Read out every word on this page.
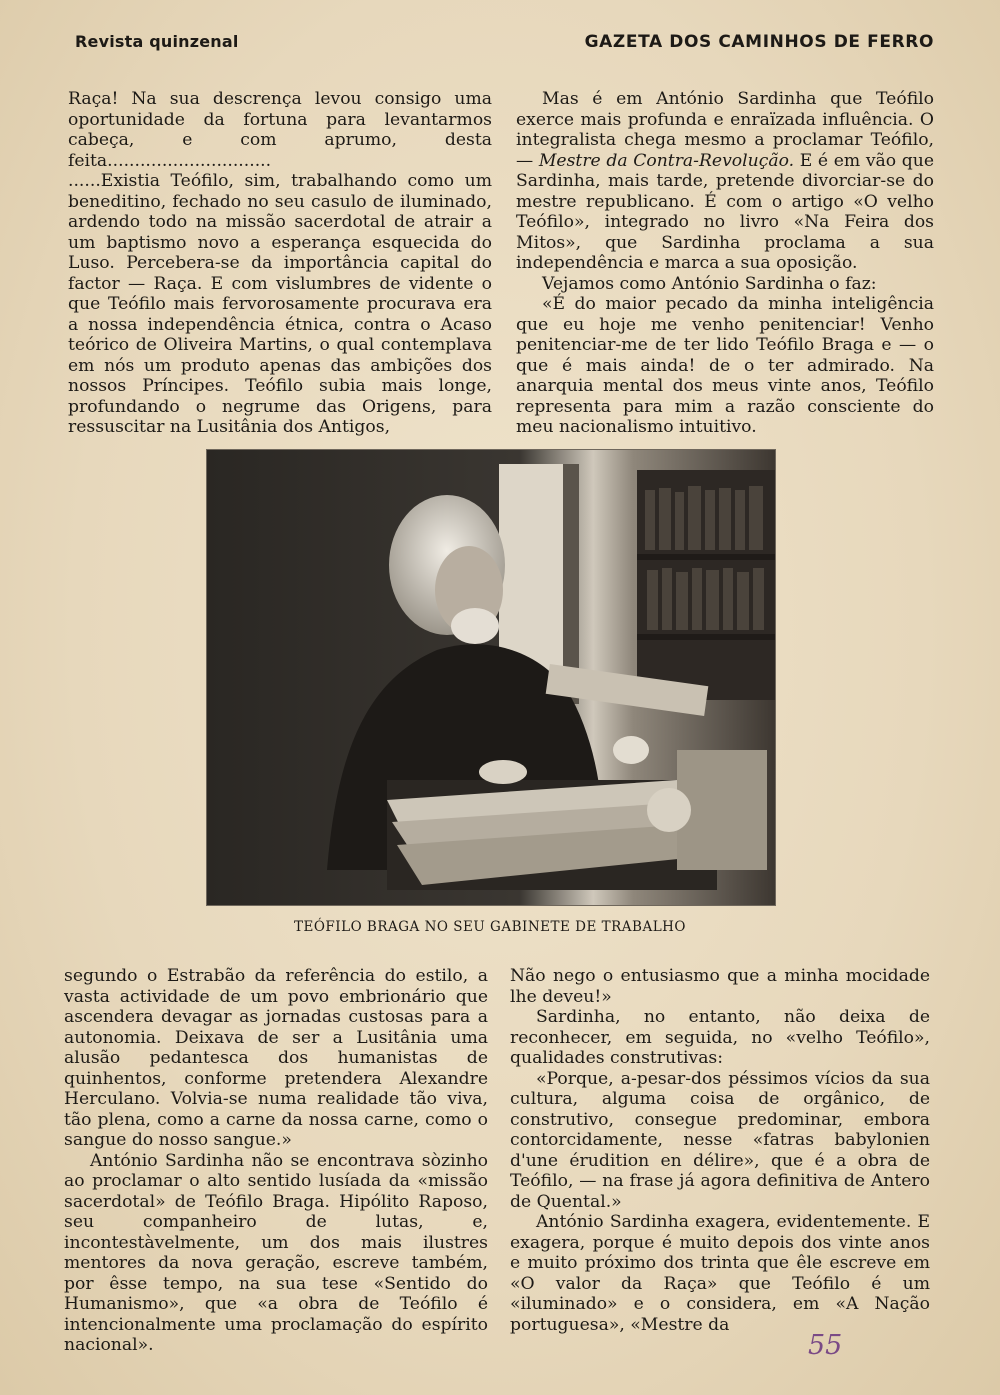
Revista quinzenal	GAZETA DOS CAMINHOS DE FERRO

Raça! Na sua descrença levou consigo uma oportunidade da fortuna para levantarmos cabeça, e com aprumo, desta feita..............................

......Existia Teófilo, sim, trabalhando como um beneditino, fechado no seu casulo de iluminado, ardendo todo na missão sacerdotal de atrair a um baptismo novo a esperança esquecida do Luso. Percebera-se da importância capital do factor — Raça. E com vislumbres de vidente o que Teófilo mais fervorosamente procurava era a nossa independência étnica, contra o Acaso teórico de Oliveira Martins, o qual contemplava em nós um produto apenas das ambições dos nossos Príncipes. Teófilo subia mais longe, profundando o negrume das Origens, para ressuscitar na Lusitânia dos Antigos,

Mas é em António Sardinha que Teófilo exerce mais profunda e enraïzada influência. O integralista chega mesmo a proclamar Teófilo, — Mestre da Contra-Revolução. E é em vão que Sardinha, mais tarde, pretende divorciar-se do mestre republicano. É com o artigo «O velho Teófilo», integrado no livro «Na Feira dos Mitos», que Sardinha proclama a sua independência e marca a sua oposição.

Vejamos como António Sardinha o faz:

«É do maior pecado da minha inteligência que eu hoje me venho penitenciar! Venho penitenciar-me de ter lido Teófilo Braga e — o que é mais ainda! de o ter admirado. Na anarquia mental dos meus vinte anos, Teófilo representa para mim a razão consciente do meu nacionalismo intuitivo.

TEÓFILO BRAGA NO SEU GABINETE DE TRABALHO

segundo o Estrabão da referência do estilo, a vasta actividade de um povo embrionário que ascendera devagar as jornadas custosas para a autonomia. Deixava de ser a Lusitânia uma alusão pedantesca dos humanistas de quinhentos, conforme pretendera Alexandre Herculano. Volvia-se numa realidade tão viva, tão plena, como a carne da nossa carne, como o sangue do nosso sangue.»

António Sardinha não se encontrava sòzinho ao proclamar o alto sentido lusíada da «missão sacerdotal» de Teófilo Braga. Hipólito Raposo, seu companheiro de lutas, e, incontestàvelmente, um dos mais ilustres mentores da nova geração, escreve também, por êsse tempo, na sua tese «Sentido do Humanismo», que «a obra de Teófilo é intencionalmente uma proclamação do espírito nacional».

Não nego o entusiasmo que a minha mocidade lhe deveu!»

Sardinha, no entanto, não deixa de reconhecer, em seguida, no «velho Teófilo», qualidades construtivas:

«Porque, a-pesar-dos péssimos vícios da sua cultura, alguma coisa de orgânico, de construtivo, consegue predominar, embora contorcidamente, nesse «fatras babylonien d'une érudition en délire», que é a obra de Teófilo, — na frase já agora definitiva de Antero de Quental.»

António Sardinha exagera, evidentemente. E exagera, porque é muito depois dos vinte anos e muito próximo dos trinta que êle escreve em «O valor da Raça» que Teófilo é um «iluminado» e o considera, em «A Nação portuguesa», «Mestre da

55
